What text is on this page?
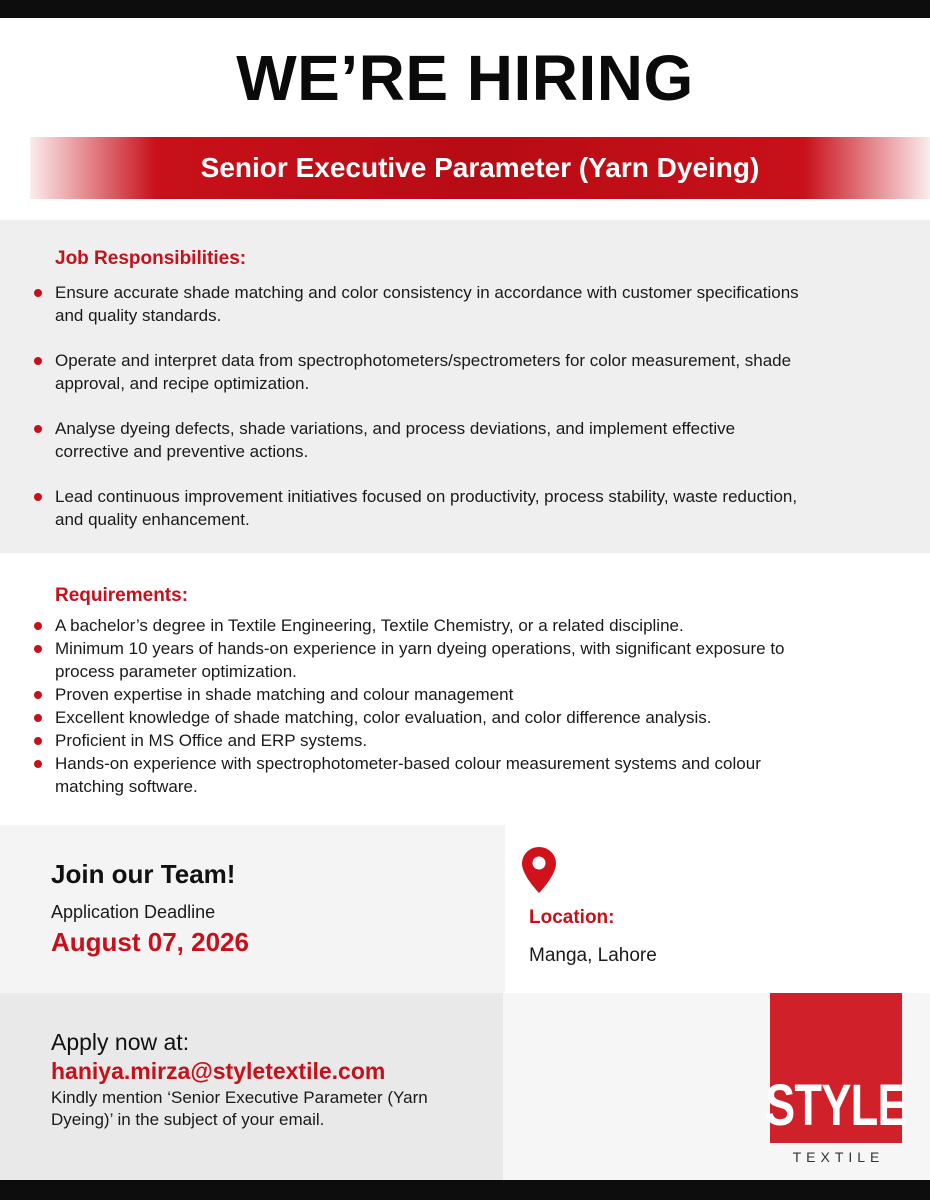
WE’RE HIRING
Senior Executive Parameter (Yarn Dyeing)
Job Responsibilities:
Ensure accurate shade matching and color consistency in accordance with customer specifications and quality standards.
Operate and interpret data from spectrophotometers/spectrometers for color measurement, shade approval, and recipe optimization.
Analyse dyeing defects, shade variations, and process deviations, and implement effective corrective and preventive actions.
Lead continuous improvement initiatives focused on productivity, process stability, waste reduction, and quality enhancement.
Requirements:
A bachelor’s degree in Textile Engineering, Textile Chemistry, or a related discipline.
Minimum 10 years of hands-on experience in yarn dyeing operations, with significant exposure to process parameter optimization.
Proven expertise in shade matching and colour management
Excellent knowledge of shade matching, color evaluation, and color difference analysis.
Proficient in MS Office and ERP systems.
Hands-on experience with spectrophotometer-based colour measurement systems and colour matching software.
Join our Team!
Application Deadline
August 07, 2026
Location:
Manga, Lahore
Apply now at:
haniya.mirza@styletextile.com
Kindly mention ‘Senior Executive Parameter (Yarn Dyeing)’ in the subject of your email.	STYLE
TEXTILE
